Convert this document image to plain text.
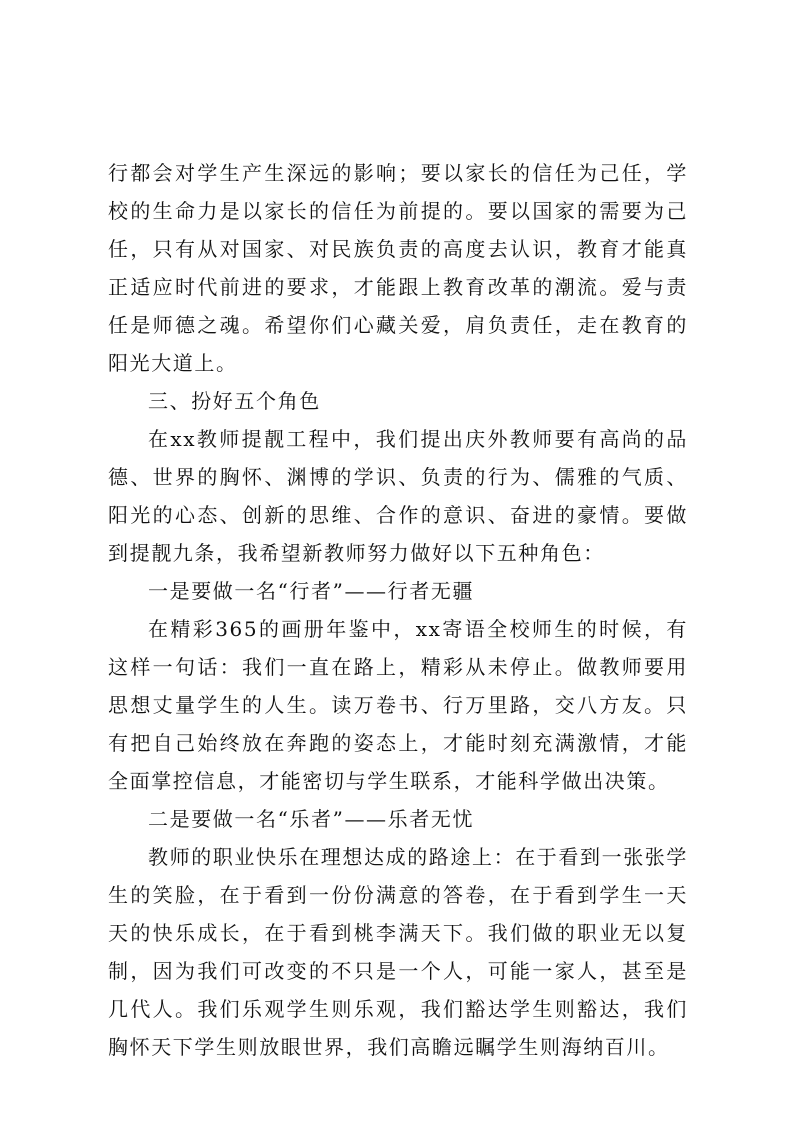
行都会对学生产生深远的影响；要以家长的信任为己任，学校的生命力是以家长的信任为前提的。要以国家的需要为己任，只有从对国家、对民族负责的高度去认识，教育才能真正适应时代前进的要求，才能跟上教育改革的潮流。爱与责任是师德之魂。希望你们心藏关爱，肩负责任，走在教育的阳光大道上。

三、扮好五个角色

在xx教师提靓工程中，我们提出庆外教师要有高尚的品德、世界的胸怀、渊博的学识、负责的行为、儒雅的气质、阳光的心态、创新的思维、合作的意识、奋进的豪情。要做到提靓九条，我希望新教师努力做好以下五种角色：

一是要做一名“行者”——行者无疆

在精彩365的画册年鉴中，xx寄语全校师生的时候，有这样一句话：我们一直在路上，精彩从未停止。做教师要用思想丈量学生的人生。读万卷书、行万里路，交八方友。只有把自己始终放在奔跑的姿态上，才能时刻充满激情，才能全面掌控信息，才能密切与学生联系，才能科学做出决策。

二是要做一名“乐者”——乐者无忧

教师的职业快乐在理想达成的路途上：在于看到一张张学生的笑脸，在于看到一份份满意的答卷，在于看到学生一天天的快乐成长，在于看到桃李满天下。我们做的职业无以复制，因为我们可改变的不只是一个人，可能一家人，甚至是几代人。我们乐观学生则乐观，我们豁达学生则豁达，我们胸怀天下学生则放眼世界，我们高瞻远瞩学生则海纳百川。
